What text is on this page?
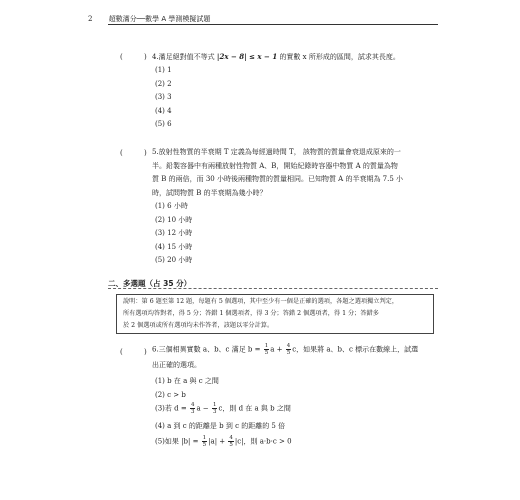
2 超數滿分──數學 A 學測模擬試題
(	) 4.滿足絕對值不等式 |2x − 8| ≤ x − 1 的實數 x 所形成的區間，試求其長度。
(1) 1
(2) 2
(3) 3
(4) 4
(5) 6
(	) 5.放射性物質的半衰期 T 定義為每經過時間 T， 該物質的質量會衰退成原來的一
半。鉛製容器中有兩種放射性物質 A、B，開始紀錄時容器中物質 A 的質量為物
質 B 的兩倍，而 30 小時後兩種物質的質量相同。已知物質 A 的半衰期為 7.5 小
時，試問物質 B 的半衰期為幾小時？
(1) 6 小時
(2) 10 小時
(3) 12 小時
(4) 15 小時
(5) 20 小時
二、多選題（占 35 分）
說明：第 6 題至第 12 題，每題有 5 個選項，其中至少有一個是正確的選項，各題之選項獨立判定，
所有選項均答對者，得 5 分；答錯 1 個選項者，得 3 分；答錯 2 個選項者，得 1 分；答錯多
於 2 個選項或所有選項均未作答者，該題以零分計算。
(	) 6.三個相異實數 a、b、c 滿足 $b = \frac{1}{5}$ $a + \frac{4}{5}$ c，如果將 a、b、c 標示在數線上，試選
出正確的選項。
(1) b 在 a 與 c 之間
(2) c > b
(3)若 $d = \frac{4}{3}$ $a - \frac{1}{3}$ c，則 d 在 a 與 b 之間
(4) a 到 c 的距離是 b 到 c 的距離的 5 倍
(5)如果 $|b| = \frac{1}{5} |a| + \frac{4}{5} |c|$，則 a·b·c > 0
